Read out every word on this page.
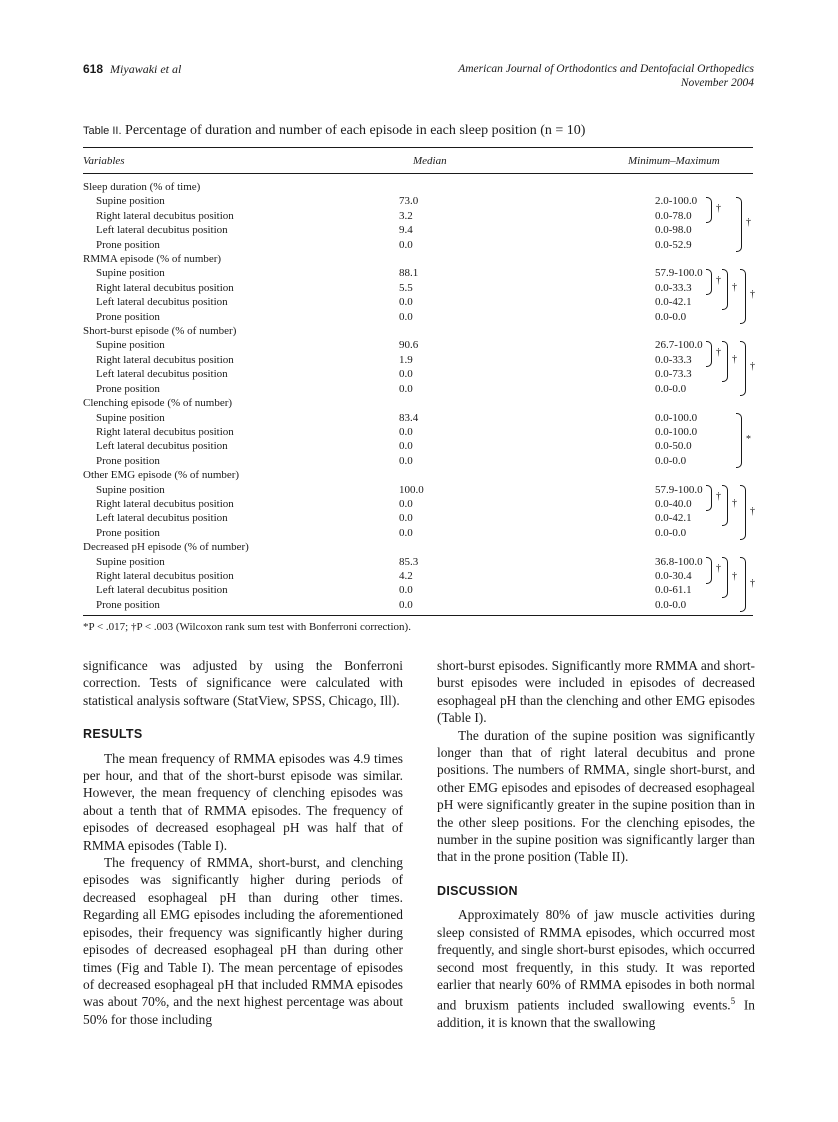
618 Miyawaki et al	American Journal of Orthodontics and Dentofacial Orthopedics
November 2004
Table II. Percentage of duration and number of each episode in each sleep position (n = 10)
Variables	Median	Minimum–Maximum
Sleep duration (% of time)
Supine position	73.0	2.0-100.0
Right lateral decubitus position	3.2	0.0-78.0
Left lateral decubitus position	9.4	0.0-98.0
Prone position	0.0	0.0-52.9
RMMA episode (% of number)
Supine position	88.1	57.9-100.0
Right lateral decubitus position	5.5	0.0-33.3
Left lateral decubitus position	0.0	0.0-42.1
Prone position	0.0	0.0-0.0
Short-burst episode (% of number)
Supine position	90.6	26.7-100.0
Right lateral decubitus position	1.9	0.0-33.3
Left lateral decubitus position	0.0	0.0-73.3
Prone position	0.0	0.0-0.0
Clenching episode (% of number)
Supine position	83.4	0.0-100.0
Right lateral decubitus position	0.0	0.0-100.0
Left lateral decubitus position	0.0	0.0-50.0
Prone position	0.0	0.0-0.0
Other EMG episode (% of number)
Supine position	100.0	57.9-100.0
Right lateral decubitus position	0.0	0.0-40.0
Left lateral decubitus position	0.0	0.0-42.1
Prone position	0.0	0.0-0.0
Decreased pH episode (% of number)
Supine position	85.3	36.8-100.0
Right lateral decubitus position	4.2	0.0-30.4
Left lateral decubitus position	0.0	0.0-61.1
Prone position	0.0	0.0-0.0
*P < .017; †P < .003 (Wilcoxon rank sum test with Bonferroni correction).
†
†
†
†
†
†
†
†
†
†
†
†
†
†
*

significance was adjusted by using the Bonferroni correction. Tests of significance were calculated with statistical analysis software (StatView, SPSS, Chicago, Ill).

RESULTS

The mean frequency of RMMA episodes was 4.9 times per hour, and that of the short-burst episode was similar. However, the mean frequency of clenching episodes was about a tenth that of RMMA episodes. The frequency of episodes of decreased esophageal pH was half that of RMMA episodes (Table I).

The frequency of RMMA, short-burst, and clenching episodes was significantly higher during periods of decreased esophageal pH than during other times. Regarding all EMG episodes including the aforementioned episodes, their frequency was significantly higher during episodes of decreased esophageal pH than during other times (Fig and Table I). The mean percentage of episodes of decreased esophageal pH that included RMMA episodes was about 70%, and the next highest percentage was about 50% for those including

short-burst episodes. Significantly more RMMA and short-burst episodes were included in episodes of decreased esophageal pH than the clenching and other EMG episodes (Table I).

The duration of the supine position was significantly longer than that of right lateral decubitus and prone positions. The numbers of RMMA, single short-burst, and other EMG episodes and episodes of decreased esophageal pH were significantly greater in the supine position than in the other sleep positions. For the clenching episodes, the number in the supine position was significantly larger than that in the prone position (Table II).

DISCUSSION

Approximately 80% of jaw muscle activities during sleep consisted of RMMA episodes, which occurred most frequently, and single short-burst episodes, which occurred second most frequently, in this study. It was reported earlier that nearly 60% of RMMA episodes in both normal and bruxism patients included swallowing events.$^5$ In addition, it is known that the swallowing
